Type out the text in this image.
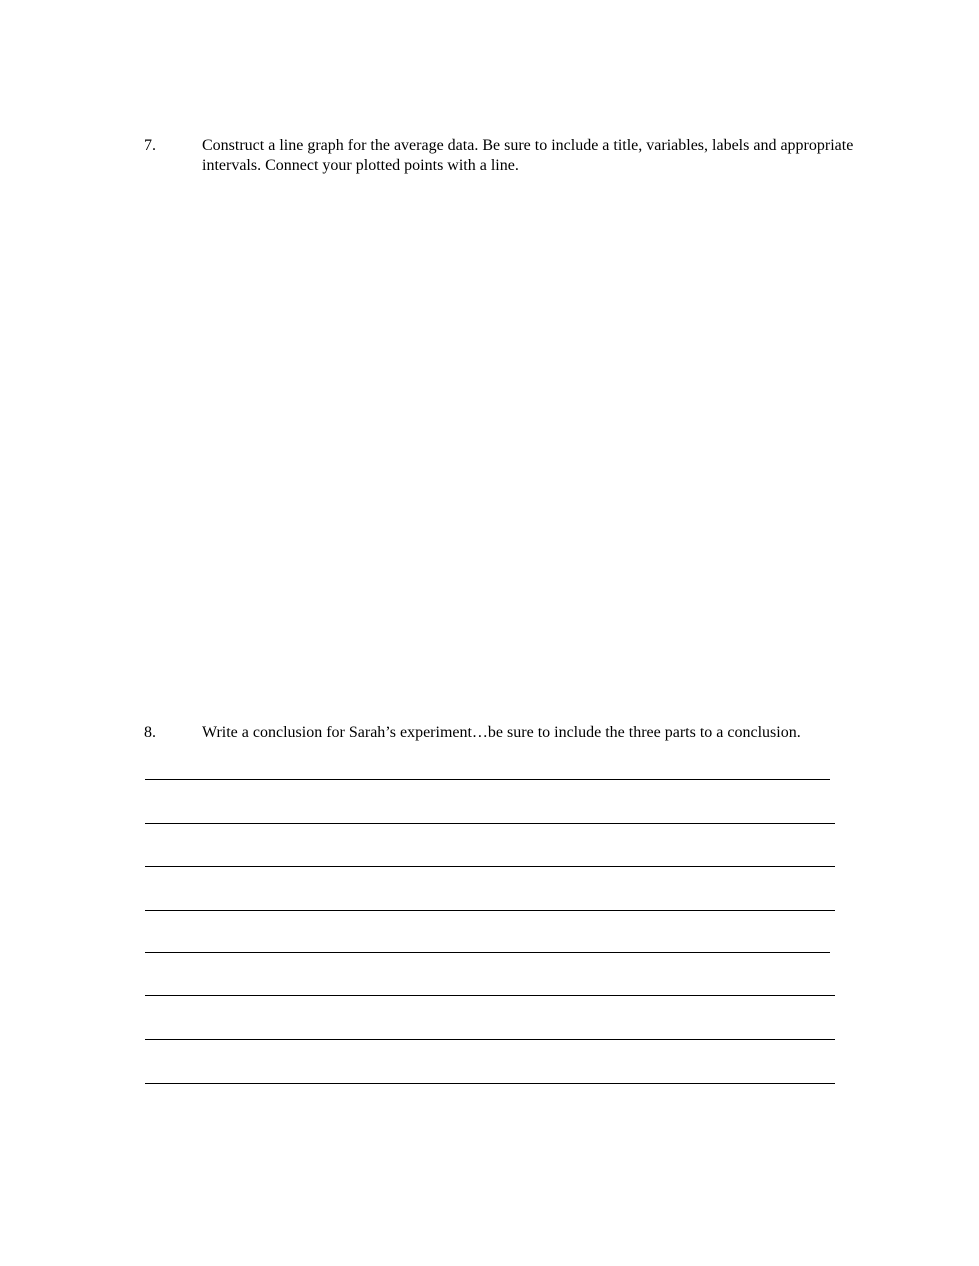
7.	Construct a line graph for the average data. Be sure to include a title, variables, labels and appropriate intervals. Connect your plotted points with a line.
8.	Write a conclusion for Sarah’s experiment…be sure to include the three parts to a conclusion.
